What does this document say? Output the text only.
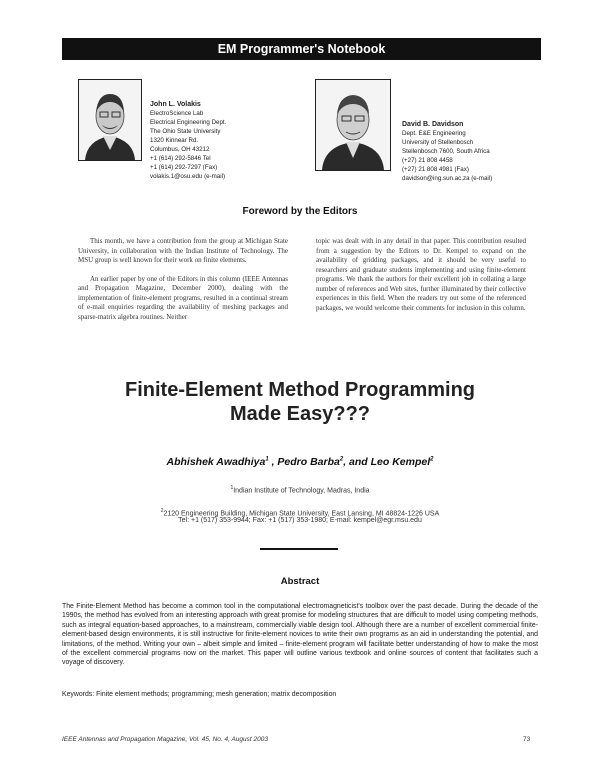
EM Programmer's Notebook
John L. Volakis
ElectroScience Lab
Electrical Engineering Dept.
The Ohio State University
1320 Kinnear Rd.
Columbus, OH 43212
+1 (614) 292-5846 Tel
+1 (614) 292-7297 (Fax)
volakis.1@osu.edu (e-mail)
David B. Davidson
Dept. E&E Engineering
University of Stellenbosch
Stellenbosch 7600, South Africa
(+27) 21 808 4458
(+27) 21 808 4981 (Fax)
davidson@ing.sun.ac.za (e-mail)
Foreword by the Editors

This month, we have a contribution from the group at Michigan State University, in collaboration with the Indian Institute of Technology. The MSU group is well known for their work on finite elements.

An earlier paper by one of the Editors in this column (IEEE Antennas and Propagation Magazine, December 2000), dealing with the implementation of finite-element programs, resulted in a continual stream of e-mail enquiries regarding the availability of meshing packages and sparse-matrix algebra routines. Neither

topic was dealt with in any detail in that paper. This contribution resulted from a suggestion by the Editors to Dr. Kempel to expand on the availability of gridding packages, and it should be very useful to researchers and graduate students implementing and using finite-element programs. We thank the authors for their excellent job in collating a large number of references and Web sites, further illuminated by their collective experiences in this field. When the readers try out some of the referenced packages, we would welcome their comments for inclusion in this column.

Finite-Element Method Programming
Made Easy???
Abhishek Awadhiya$^1$ , Pedro Barba$^2$, and Leo Kempel$^2$
$^1$Indian Institute of Technology, Madras, India
$^2$2120 Engineering Building, Michigan State University, East Lansing, MI 48824-1226 USA
Tel: +1 (517) 353-9944; Fax: +1 (517) 353-1980; E-mail: kempel@egr.msu.edu
Abstract
The Finite-Element Method has become a common tool in the computational electromagneticist's toolbox over the past decade. During the decade of the 1990s, the method has evolved from an interesting approach with great promise for modeling structures that are difficult to model using competing methods, such as integral equation-based approaches, to a mainstream, commercially viable design tool. Although there are a number of excellent commercial finite-element-based design environments, it is still instructive for finite-element novices to write their own programs as an aid in understanding the potential, and limitations, of the method. Writing your own – albeit simple and limited – finite-element program will facilitate better understanding of how to make the most of the excellent commercial programs now on the market. This paper will outline various textbook and online sources of content that facilitates such a voyage of discovery.
Keywords: Finite element methods; programming; mesh generation; matrix decomposition
IEEE Antennas and Propagation Magazine, Vol. 45, No. 4, August 2003	73
